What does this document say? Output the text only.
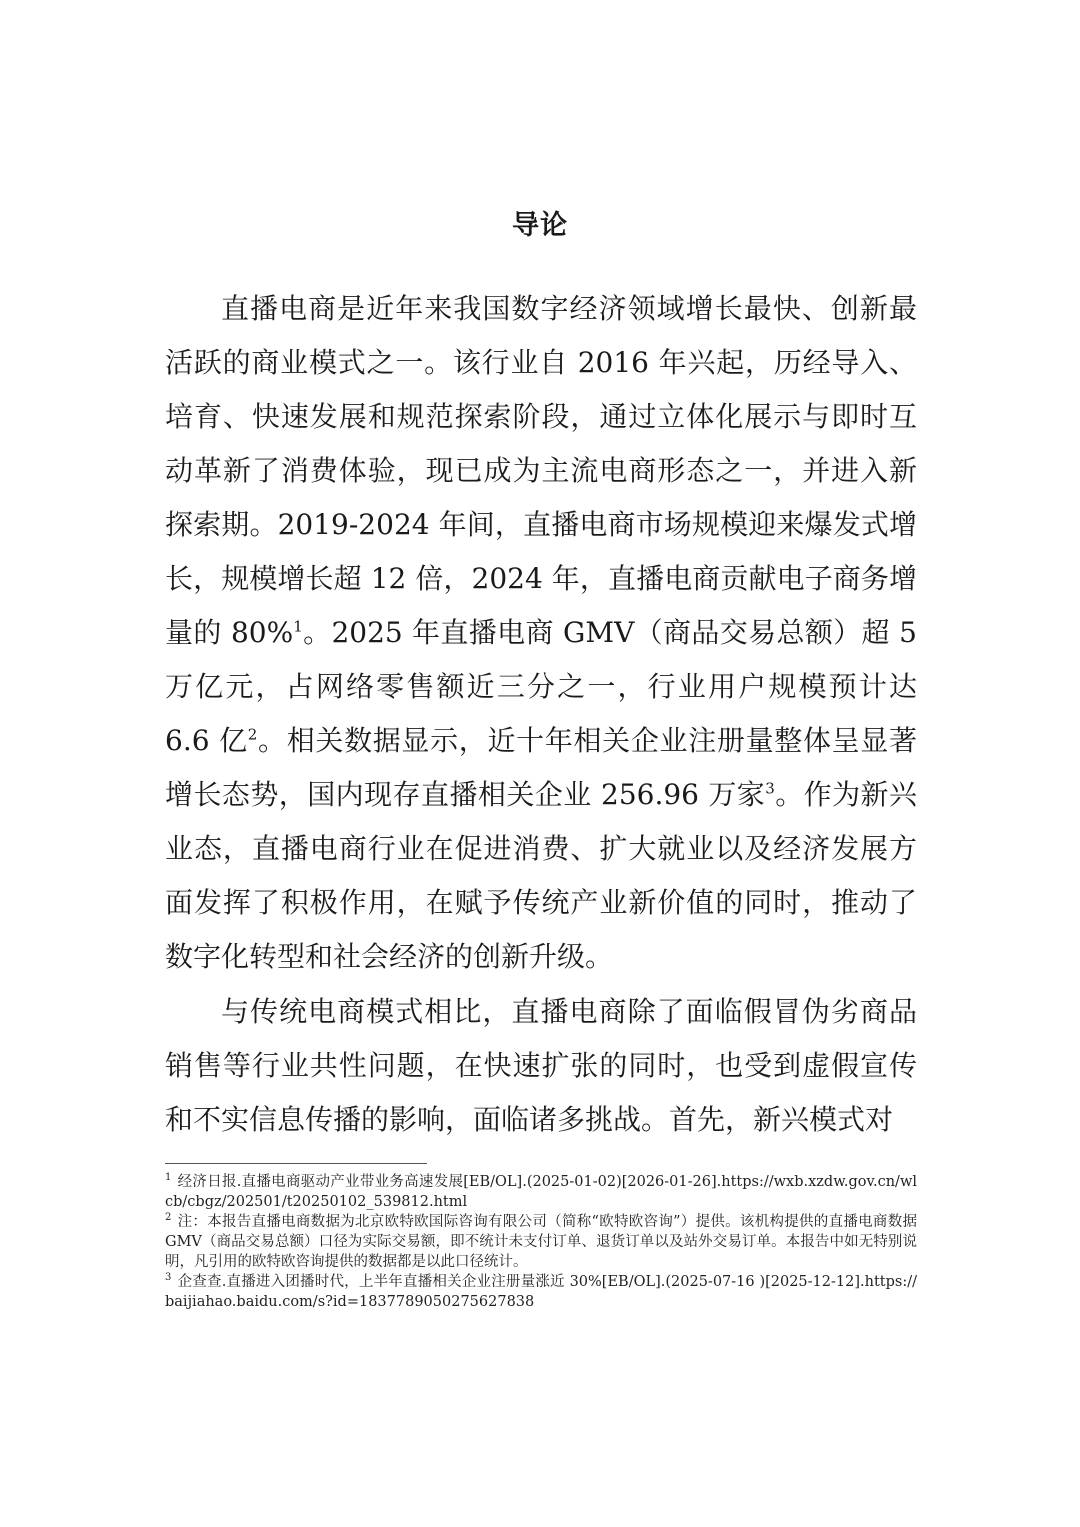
导论

直播电商是近年来我国数字经济领域增长最快、创新最活跃的商业模式之一。该行业自 2016 年兴起，历经导入、培育、快速发展和规范探索阶段，通过立体化展示与即时互动革新了消费体验，现已成为主流电商形态之一，并进入新探索期。2019-2024 年间，直播电商市场规模迎来爆发式增长，规模增长超 12 倍，2024 年，直播电商贡献电子商务增量的 80%$^1$。2025 年直播电商 GMV（商品交易总额）超 5 万亿元，占网络零售额近三分之一，行业用户规模预计达 6.6 亿$^2$。相关数据显示，近十年相关企业注册量整体呈显著增长态势，国内现存直播相关企业 256.96 万家$^3$。作为新兴业态，直播电商行业在促进消费、扩大就业以及经济发展方面发挥了积极作用，在赋予传统产业新价值的同时，推动了数字化转型和社会经济的创新升级。

与传统电商模式相比，直播电商除了面临假冒伪劣商品销售等行业共性问题，在快速扩张的同时，也受到虚假宣传和不实信息传播的影响，面临诸多挑战。首先，新兴模式对

$^1$ 经济日报.直播电商驱动产业带业务高速发展[EB/OL].(2025-01-02)[2026-01-26].https://wxb.xzdw.gov.cn/wlcb/cbgz/202501/t20250102_539812.html

$^2$ 注：本报告直播电商数据为北京欧特欧国际咨询有限公司（简称“欧特欧咨询”）提供。该机构提供的直播电商数据 GMV（商品交易总额）口径为实际交易额，即不统计未支付订单、退货订单以及站外交易订单。本报告中如无特别说明，凡引用的欧特欧咨询提供的数据都是以此口径统计。

$^3$ 企查查.直播进入团播时代，上半年直播相关企业注册量涨近 30%[EB/OL].(2025-07-16 )[2025-12-12].https://baijiahao.baidu.com/s?id=1837789050275627838
